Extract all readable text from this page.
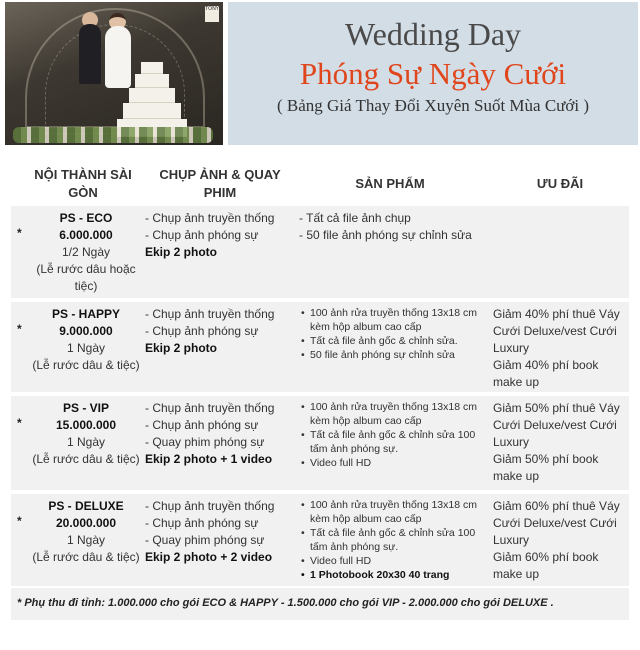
TONY
Wedding Day
Phóng Sự Ngày Cưới
( Bảng Giá Thay Đổi Xuyên Suốt Mùa Cưới )
NỘI THÀNH SÀI GÒN
CHỤP ẢNH & QUAY PHIM
SẢN PHẨM	ƯU ĐÃI
*
PS - ECO
6.000.000
1/2 Ngày
(Lễ rước dâu hoặc tiệc)
- Chụp ảnh truyền thống
- Chụp ảnh phóng sự
Ekip 2 photo
- Tất cả file ảnh chụp
- 50 file ảnh phóng sự chỉnh sửa
*
PS - HAPPY
9.000.000
1 Ngày
(Lễ rước dâu & tiệc)
- Chụp ảnh truyền thống
- Chụp ảnh phóng sự
Ekip 2 photo
• 100 ảnh rửa truyền thống 13x18 cm kèm hộp album cao cấp
• Tất cả file ảnh gốc & chỉnh sửa.
• 50 file ảnh phóng sự chỉnh sửa
Giảm 40% phí thuê Váy Cưới Deluxe/vest Cưới Luxury
Giảm 40% phí book make up
*
PS - VIP
15.000.000
1 Ngày
(Lễ rước dâu & tiệc)
- Chụp ảnh truyền thống
- Chụp ảnh phóng sự
- Quay phim phóng sự
Ekip 2 photo + 1 video
• 100 ảnh rửa truyền thống 13x18 cm kèm hộp album cao cấp
• Tất cả file ảnh gốc & chỉnh sửa 100 tấm ảnh phóng sự.
• Video full HD
Giảm 50% phí thuê Váy Cưới Deluxe/vest Cưới Luxury
Giảm 50% phí book make up
*
PS - DELUXE
20.000.000
1 Ngày
(Lễ rước dâu & tiệc)
- Chụp ảnh truyền thống
- Chụp ảnh phóng sự
- Quay phim phóng sự
Ekip 2 photo + 2 video
• 100 ảnh rửa truyền thống 13x18 cm kèm hộp album cao cấp
• Tất cả file ảnh gốc & chỉnh sửa 100 tấm ảnh phóng sự.
• Video full HD
• 1 Photobook 20x30 40 trang
Giảm 60% phí thuê Váy Cưới Deluxe/vest Cưới Luxury
Giảm 60% phí book make up
* Phụ thu đi tỉnh: 1.000.000 cho gói ECO & HAPPY - 1.500.000 cho gói VIP - 2.000.000 cho gói DELUXE .
